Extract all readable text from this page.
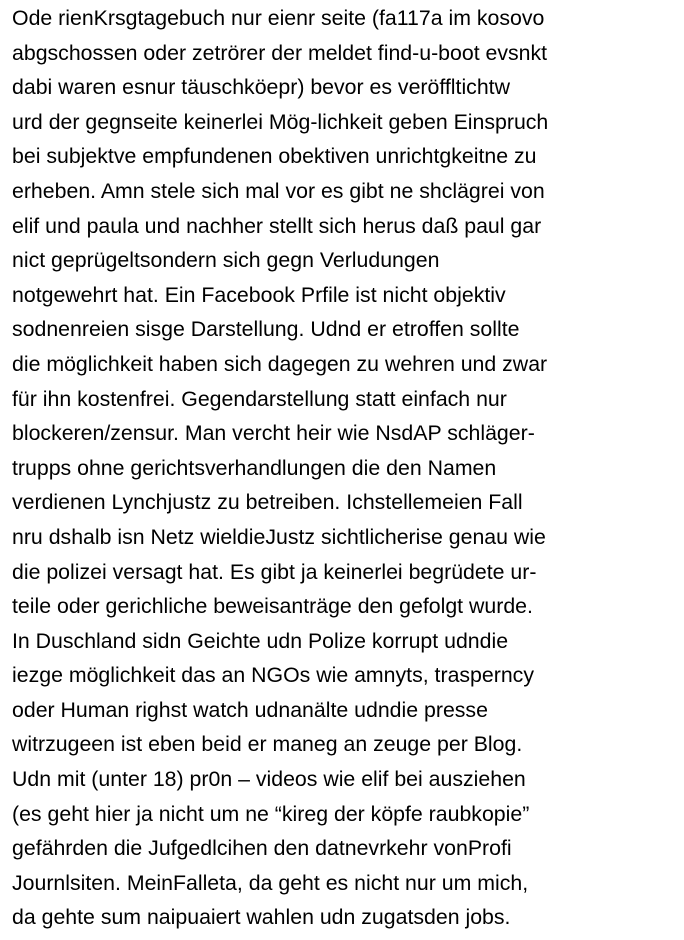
Ode rienKrsgtagebuch nur eienr seite (fa117a im kosovo
abgschossen oder zetrörer der meldet find-u-boot evsnkt
dabi waren esnur täuschköepr) bevor es veröffltichtw
urd der gegnseite keinerlei Mög-lichkeit geben Einspruch
bei subjektve empfundenen obektiven unrichtgkeitne zu
erheben. Amn stele sich mal vor es gibt ne shclägrei von
elif und paula und nachher stellt sich herus daß paul gar
nict geprügeltsondern sich gegn Verludungen
notgewehrt hat. Ein Facebook Prfile ist nicht objektiv
sodnenreien sisge Darstellung. Udnd er etroffen sollte
die möglichkeit haben sich dagegen zu wehren und zwar
für ihn kostenfrei. Gegendarstellung statt einfach nur
blockeren/zensur. Man vercht heir wie NsdAP schläger-
trupps ohne gerichtsverhandlungen die den Namen
verdienen Lynchjustz zu betreiben. Ichstellemeien Fall
nru dshalb isn Netz wieldieJustz sichtlicherise genau wie
die polizei versagt hat. Es gibt ja keinerlei begrüdete ur-
teile oder gerichliche beweisanträge den gefolgt wurde.
In Duschland sidn Geichte udn Polize korrupt udndie
iezge möglichkeit das an NGOs wie amnyts, trasperncy
oder Human righst watch udnanälte udndie presse
witrzugeen ist eben beid er maneg an zeuge per Blog.
Udn mit (unter 18) pr0n – videos wie elif bei ausziehen
(es geht hier ja nicht um ne “kireg der köpfe raubkopie”
gefährden die Jufgedlcihen den datnevrkehr vonProfi
Journlsiten. MeinFalleta, da geht es nicht nur um mich,
da gehte sum naipuaiert wahlen udn zugatsden jobs.
